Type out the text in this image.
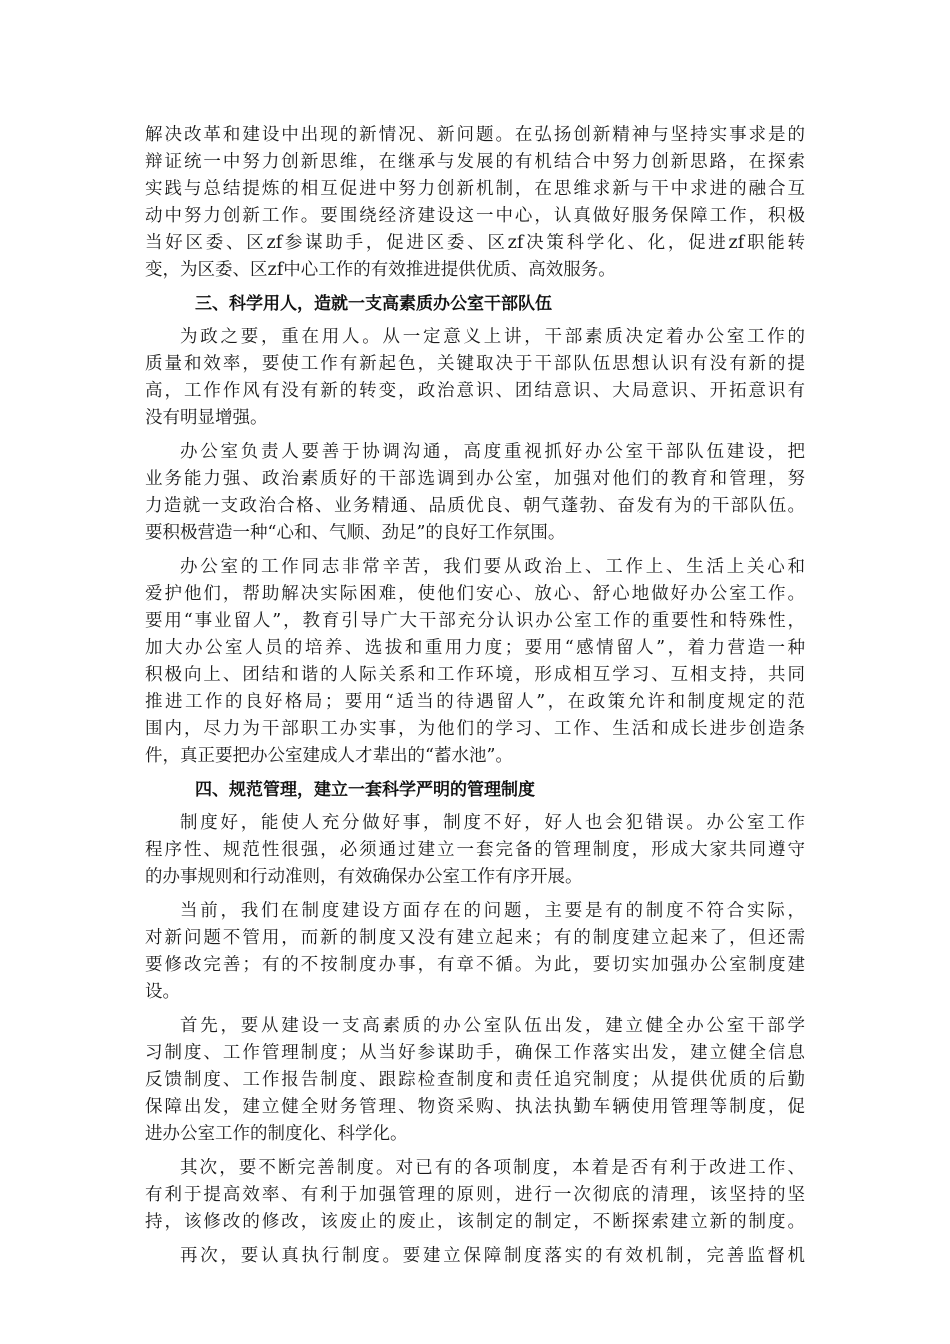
解决改革和建设中出现的新情况、新问题。在弘扬创新精神与坚持实事求是的
辩证统一中努力创新思维，在继承与发展的有机结合中努力创新思路，在探索
实践与总结提炼的相互促进中努力创新机制，在思维求新与干中求进的融合互
动中努力创新工作。要围绕经济建设这一中心，认真做好服务保障工作，积极
当好区委、区zf参谋助手，促进区委、区zf决策科学化、化，促进zf职能转
变，为区委、区zf中心工作的有效推进提供优质、高效服务。
三、科学用人，造就一支高素质办公室干部队伍
为政之要，重在用人。从一定意义上讲，干部素质决定着办公室工作的
质量和效率，要使工作有新起色，关键取决于干部队伍思想认识有没有新的提
高，工作作风有没有新的转变，政治意识、团结意识、大局意识、开拓意识有
没有明显增强。
办公室负责人要善于协调沟通，高度重视抓好办公室干部队伍建设，把
业务能力强、政治素质好的干部选调到办公室，加强对他们的教育和管理，努
力造就一支政治合格、业务精通、品质优良、朝气蓬勃、奋发有为的干部队伍。
要积极营造一种“心和、气顺、劲足”的良好工作氛围。
办公室的工作同志非常辛苦，我们要从政治上、工作上、生活上关心和
爱护他们，帮助解决实际困难，使他们安心、放心、舒心地做好办公室工作。
要用“事业留人”，教育引导广大干部充分认识办公室工作的重要性和特殊性，
加大办公室人员的培养、选拔和重用力度；要用“感情留人”，着力营造一种
积极向上、团结和谐的人际关系和工作环境，形成相互学习、互相支持，共同
推进工作的良好格局；要用“适当的待遇留人”，在政策允许和制度规定的范
围内，尽力为干部职工办实事，为他们的学习、工作、生活和成长进步创造条
件，真正要把办公室建成人才辈出的“蓄水池”。
四、规范管理，建立一套科学严明的管理制度
制度好，能使人充分做好事，制度不好，好人也会犯错误。办公室工作
程序性、规范性很强，必须通过建立一套完备的管理制度，形成大家共同遵守
的办事规则和行动准则，有效确保办公室工作有序开展。
当前，我们在制度建设方面存在的问题，主要是有的制度不符合实际，
对新问题不管用，而新的制度又没有建立起来；有的制度建立起来了，但还需
要修改完善；有的不按制度办事，有章不循。为此，要切实加强办公室制度建
设。
首先，要从建设一支高素质的办公室队伍出发，建立健全办公室干部学
习制度、工作管理制度；从当好参谋助手，确保工作落实出发，建立健全信息
反馈制度、工作报告制度、跟踪检查制度和责任追究制度；从提供优质的后勤
保障出发，建立健全财务管理、物资采购、执法执勤车辆使用管理等制度，促
进办公室工作的制度化、科学化。
其次，要不断完善制度。对已有的各项制度，本着是否有利于改进工作、
有利于提高效率、有利于加强管理的原则，进行一次彻底的清理，该坚持的坚
持，该修改的修改，该废止的废止，该制定的制定，不断探索建立新的制度。
再次，要认真执行制度。要建立保障制度落实的有效机制，完善监督机
